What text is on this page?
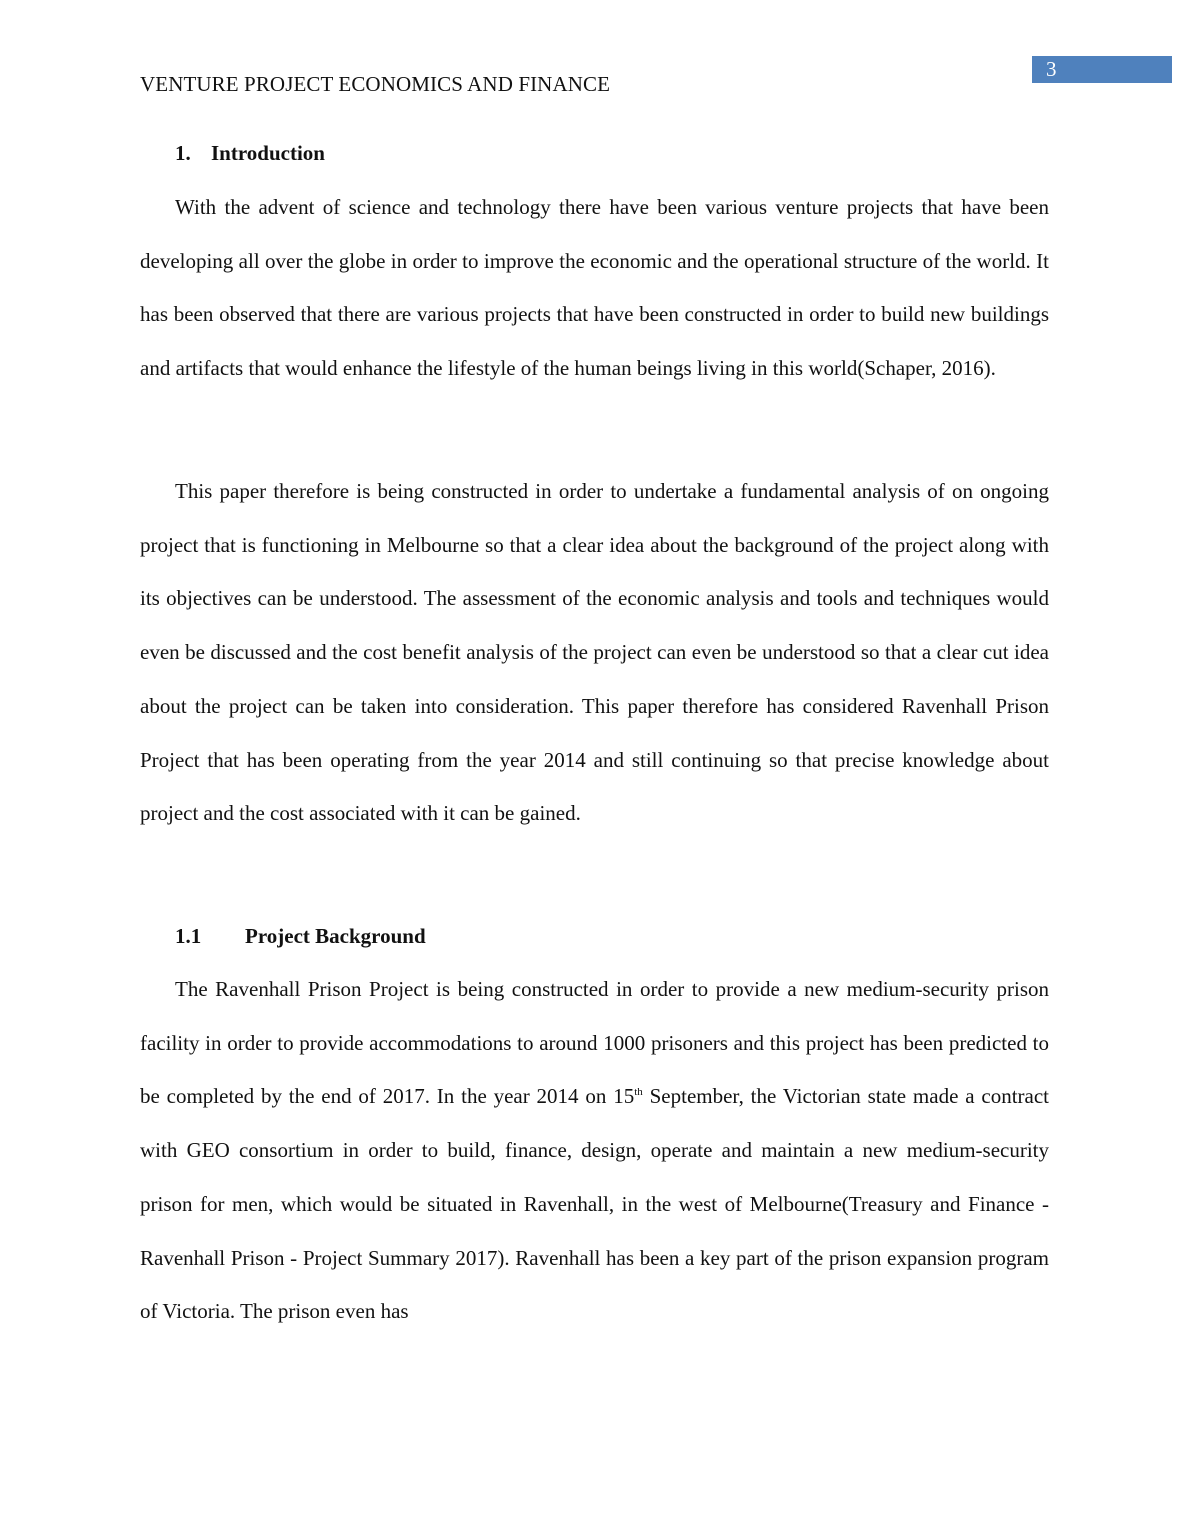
3
VENTURE PROJECT ECONOMICS AND FINANCE
1. Introduction

With the advent of science and technology there have been various venture projects that have been developing all over the globe in order to improve the economic and the operational structure of the world. It has been observed that there are various projects that have been constructed in order to build new buildings and artifacts that would enhance the lifestyle of the human beings living in this world(Schaper, 2016).

This paper therefore is being constructed in order to undertake a fundamental analysis of on ongoing project that is functioning in Melbourne so that a clear idea about the background of the project along with its objectives can be understood. The assessment of the economic analysis and tools and techniques would even be discussed and the cost benefit analysis of the project can even be understood so that a clear cut idea about the project can be taken into consideration. This paper therefore has considered Ravenhall Prison Project that has been operating from the year 2014 and still continuing so that precise knowledge about project and the cost associated with it can be gained.

1.1 Project Background

The Ravenhall Prison Project is being constructed in order to provide a new medium-security prison facility in order to provide accommodations to around 1000 prisoners and this project has been predicted to be completed by the end of 2017. In the year 2014 on 15th September, the Victorian state made a contract with GEO consortium in order to build, finance, design, operate and maintain a new medium-security prison for men, which would be situated in Ravenhall, in the west of Melbourne(Treasury and Finance - Ravenhall Prison - Project Summary 2017). Ravenhall has been a key part of the prison expansion program of Victoria. The prison even has
